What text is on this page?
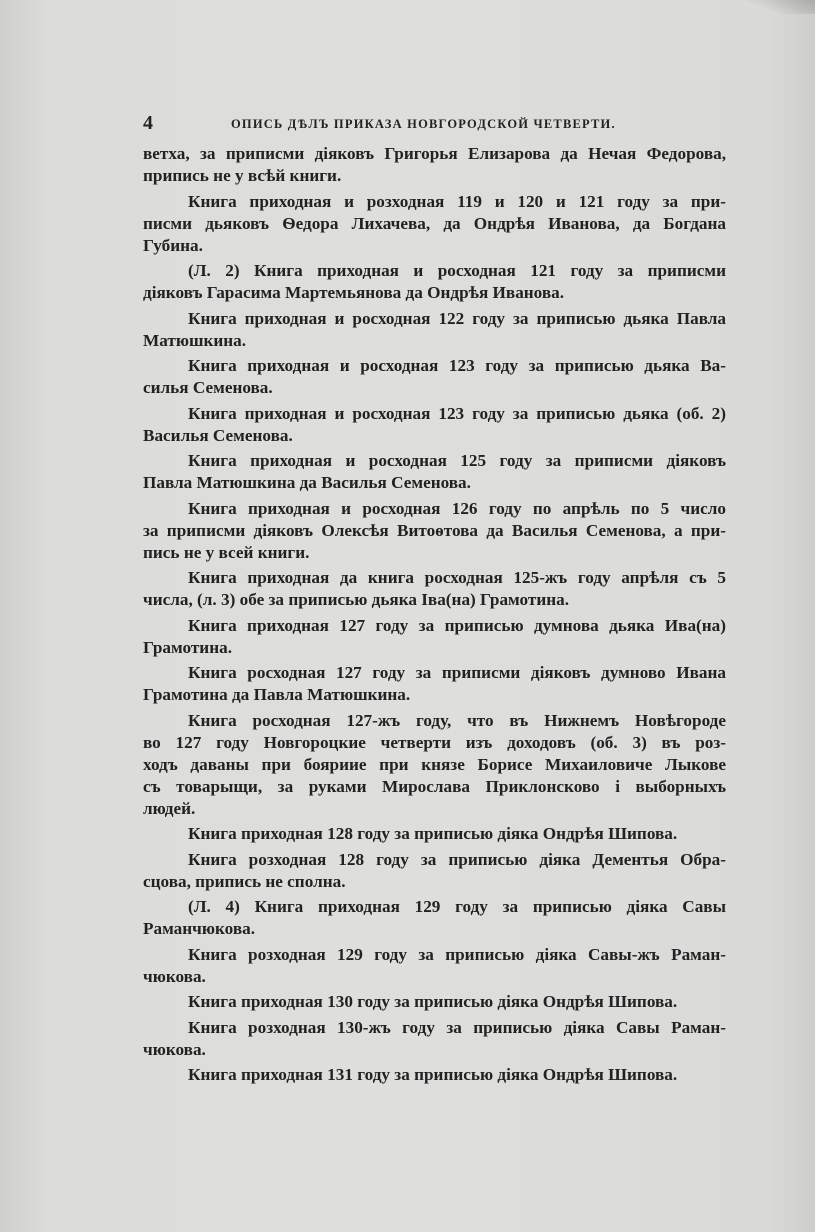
4	ОПИСЬ ДѢЛЪ ПРИКАЗА НОВГОРОДСКОЙ ЧЕТВЕРТИ.
ветха, за приписми діяковъ Григорья Елизарова да Нечая Федорова,
припись не у всѣй книги.
Книга приходная и розходная 119 и 120 и 121 году за при-
писми дьяковъ Ѳедора Лихачева, да Ондрѣя Иванова, да Богдана
Губина.
(Л. 2) Книга приходная и росходная 121 году за приписми
діяковъ Гарасима Мартемьянова да Ондрѣя Иванова.
Книга приходная и росходная 122 году за приписью дьяка Павла
Матюшкина.
Книга приходная и росходная 123 году за приписью дьяка Ва-
силья Семенова.
Книга приходная и росходная 123 году за приписью дьяка (об. 2)
Василья Семенова.
Книга приходная и росходная 125 году за приписми діяковъ
Павла Матюшкина да Василья Семенова.
Книга приходная и росходная 126 году по апрѣль по 5 число
за приписми діяковъ Олексѣя Витоѳтова да Василья Семенова, а при-
пись не у всей книги.
Книга приходная да книга росходная 125-жъ году апрѣля съ 5
числа, (л. 3) обе за приписью дьяка Іва(на) Грамотина.
Книга приходная 127 году за приписью думнова дьяка Ива(на)
Грамотина.
Книга росходная 127 году за приписми діяковъ думново Ивана
Грамотина да Павла Матюшкина.
Книга росходная 127-жъ году, что въ Нижнемъ Новѣгороде
во 127 году Новгороцкие четверти изъ доходовъ (об. 3) въ роз-
ходъ даваны при бояриие при князе Борисе Михаиловиче Лыкове
съ товарыщи, за руками Мирослава Приклонсково і выборныхъ
людей.
Книга приходная 128 году за приписью діяка Ондрѣя Шипова.
Книга розходная 128 году за приписью діяка Дементья Обра-
сцова, припись не сполна.
(Л. 4) Книга приходная 129 году за приписью діяка Савы
Раманчюкова.
Книга розходная 129 году за приписью діяка Савы-жъ Раман-
чюкова.
Книга приходная 130 году за приписью діяка Ондрѣя Шипова.
Книга розходная 130-жъ году за приписью діяка Савы Раман-
чюкова.
Книга приходная 131 году за приписью діяка Ондрѣя Шипова.
